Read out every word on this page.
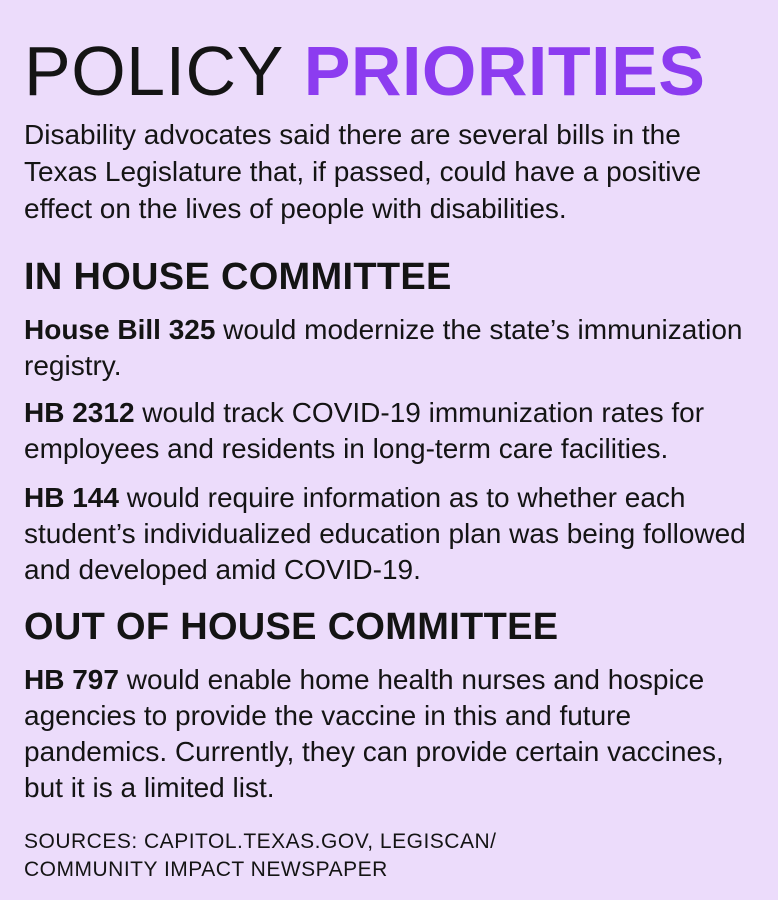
POLICY PRIORITIES

Disability advocates said there are several bills in the Texas Legislature that, if passed, could have a positive effect on the lives of people with disabilities.

IN HOUSE COMMITTEE

House Bill 325 would modernize the state’s immunization registry.

HB 2312 would track COVID-19 immunization rates for employees and residents in long-term care facilities.

HB 144 would require information as to whether each student’s individualized education plan was being followed and developed amid COVID-19.

OUT OF HOUSE COMMITTEE

HB 797 would enable home health nurses and hospice agencies to provide the vaccine in this and future pandemics. Currently, they can provide certain vaccines, but it is a limited list.

SOURCES: CAPITOL.TEXAS.GOV, LEGISCAN/
COMMUNITY IMPACT NEWSPAPER
